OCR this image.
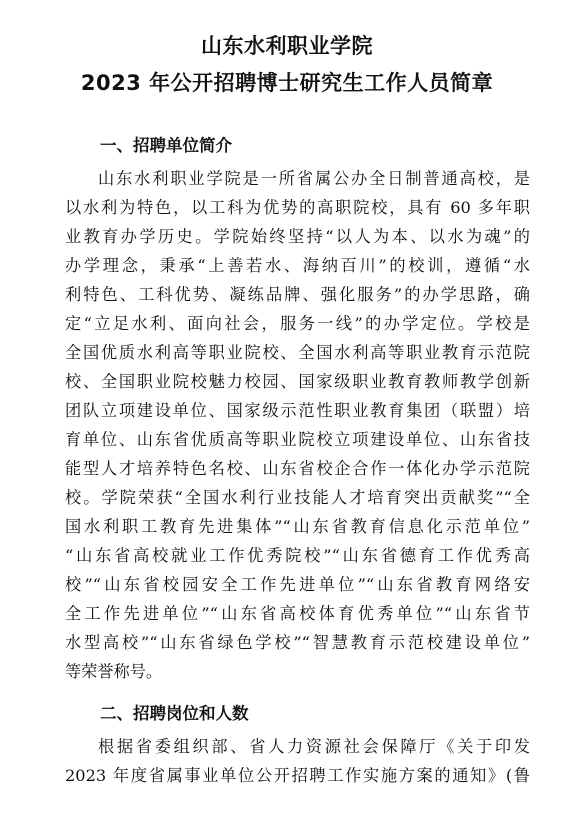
山东水利职业学院
2023 年公开招聘博士研究生工作人员简章
一、招聘单位简介
山东水利职业学院是一所省属公办全日制普通高校，是
以水利为特色，以工科为优势的高职院校，具有 60 多年职
业教育办学历史。学院始终坚持“以人为本、以水为魂”的
办学理念，秉承“上善若水、海纳百川”的校训，遵循“水
利特色、工科优势、凝练品牌、强化服务”的办学思路，确
定“立足水利、面向社会，服务一线”的办学定位。学校是
全国优质水利高等职业院校、全国水利高等职业教育示范院
校、全国职业院校魅力校园、国家级职业教育教师教学创新
团队立项建设单位、国家级示范性职业教育集团（联盟）培
育单位、山东省优质高等职业院校立项建设单位、山东省技
能型人才培养特色名校、山东省校企合作一体化办学示范院
校。学院荣获“全国水利行业技能人才培育突出贡献奖”“全
国水利职工教育先进集体”“山东省教育信息化示范单位”
“山东省高校就业工作优秀院校”“山东省德育工作优秀高
校”“山东省校园安全工作先进单位”“山东省教育网络安
全工作先进单位”“山东省高校体育优秀单位”“山东省节
水型高校”“山东省绿色学校”“智慧教育示范校建设单位”
等荣誉称号。
二、招聘岗位和人数
根据省委组织部、省人力资源社会保障厅《关于印发
2023 年度省属事业单位公开招聘工作实施方案的通知》(鲁
